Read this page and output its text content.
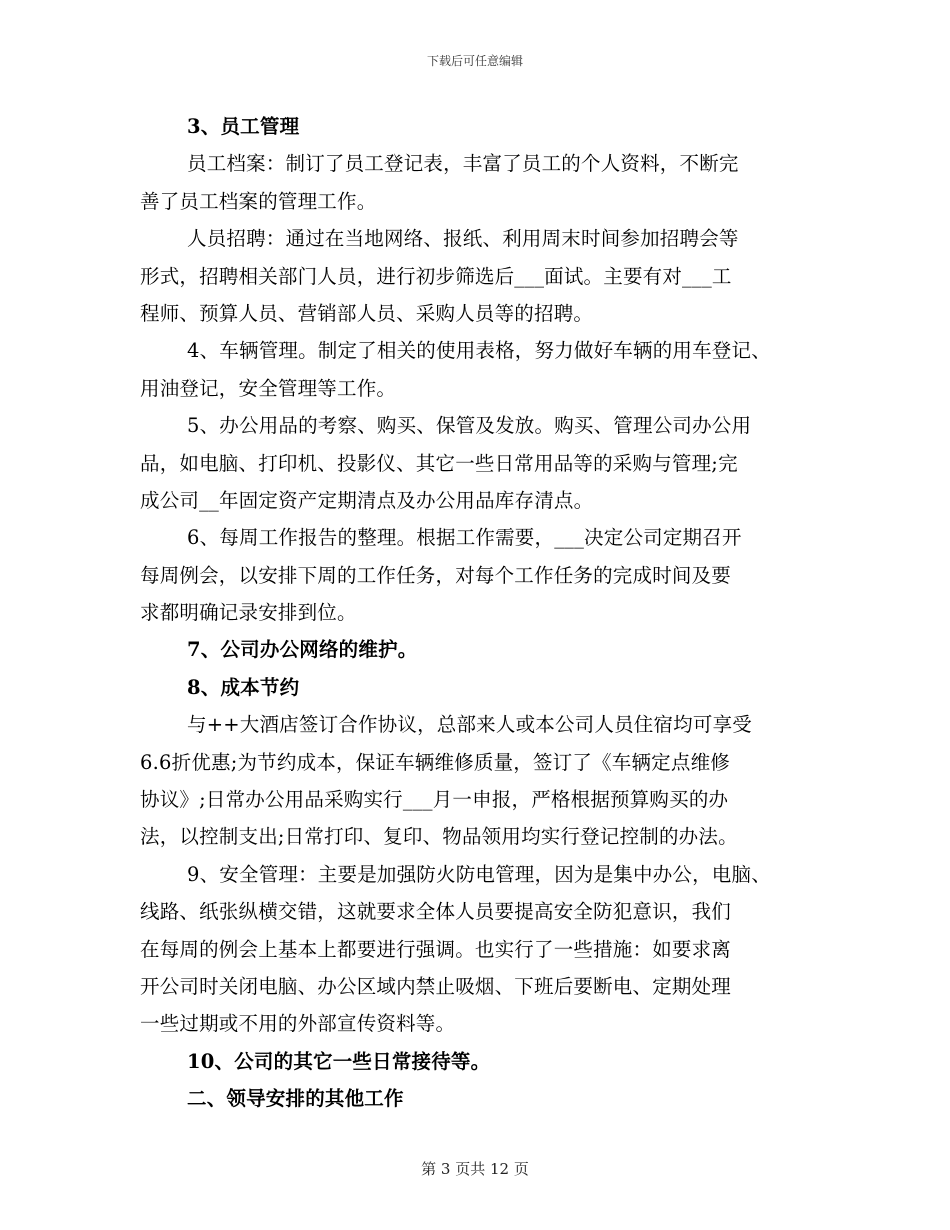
下载后可任意编辑
3、员工管理
员工档案：制订了员工登记表，丰富了员工的个人资料，不断完
善了员工档案的管理工作。
人员招聘：通过在当地网络、报纸、利用周末时间参加招聘会等
形式，招聘相关部门人员，进行初步筛选后___面试。主要有对___工
程师、预算人员、营销部人员、采购人员等的招聘。
4、车辆管理。制定了相关的使用表格，努力做好车辆的用车登记、
用油登记，安全管理等工作。
5、办公用品的考察、购买、保管及发放。购买、管理公司办公用
品，如电脑、打印机、投影仪、其它一些日常用品等的采购与管理;完
成公司__年固定资产定期清点及办公用品库存清点。
6、每周工作报告的整理。根据工作需要，___决定公司定期召开
每周例会，以安排下周的工作任务，对每个工作任务的完成时间及要
求都明确记录安排到位。
7、公司办公网络的维护。
8、成本节约
与++大酒店签订合作协议，总部来人或本公司人员住宿均可享受
6.6折优惠;为节约成本，保证车辆维修质量，签订了《车辆定点维修
协议》;日常办公用品采购实行___月一申报，严格根据预算购买的办
法，以控制支出;日常打印、复印、物品领用均实行登记控制的办法。
9、安全管理：主要是加强防火防电管理，因为是集中办公，电脑、
线路、纸张纵横交错，这就要求全体人员要提高安全防犯意识，我们
在每周的例会上基本上都要进行强调。也实行了一些措施：如要求离
开公司时关闭电脑、办公区域内禁止吸烟、下班后要断电、定期处理
一些过期或不用的外部宣传资料等。
10、公司的其它一些日常接待等。
二、领导安排的其他工作
第 3 页共 12 页
